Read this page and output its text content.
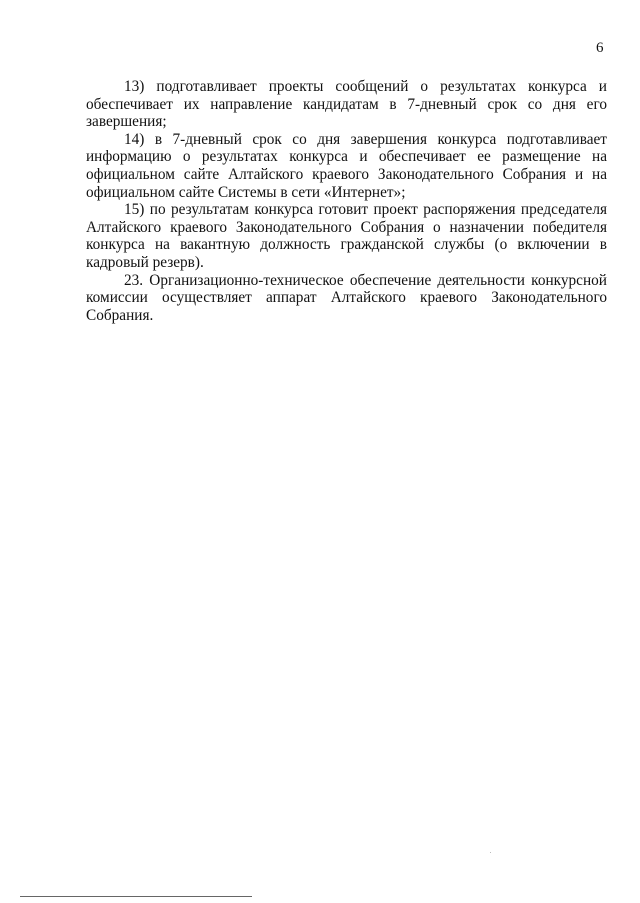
6

13) подготавливает проекты сообщений о результатах конкурса и обеспечивает их направление кандидатам в 7-дневный срок со дня его завершения;

14) в 7-дневный срок со дня завершения конкурса подготавливает информацию о результатах конкурса и обеспечивает ее размещение на официальном сайте Алтайского краевого Законодательного Собрания и на официальном сайте Системы в сети «Интернет»;

15) по результатам конкурса готовит проект распоряжения председателя Алтайского краевого Законодательного Собрания о назначении победителя конкурса на вакантную должность гражданской службы (о включении в кадровый резерв).

23. Организационно-техническое обеспечение деятельности конкурсной комиссии осуществляет аппарат Алтайского краевого Законодательного Собрания.
